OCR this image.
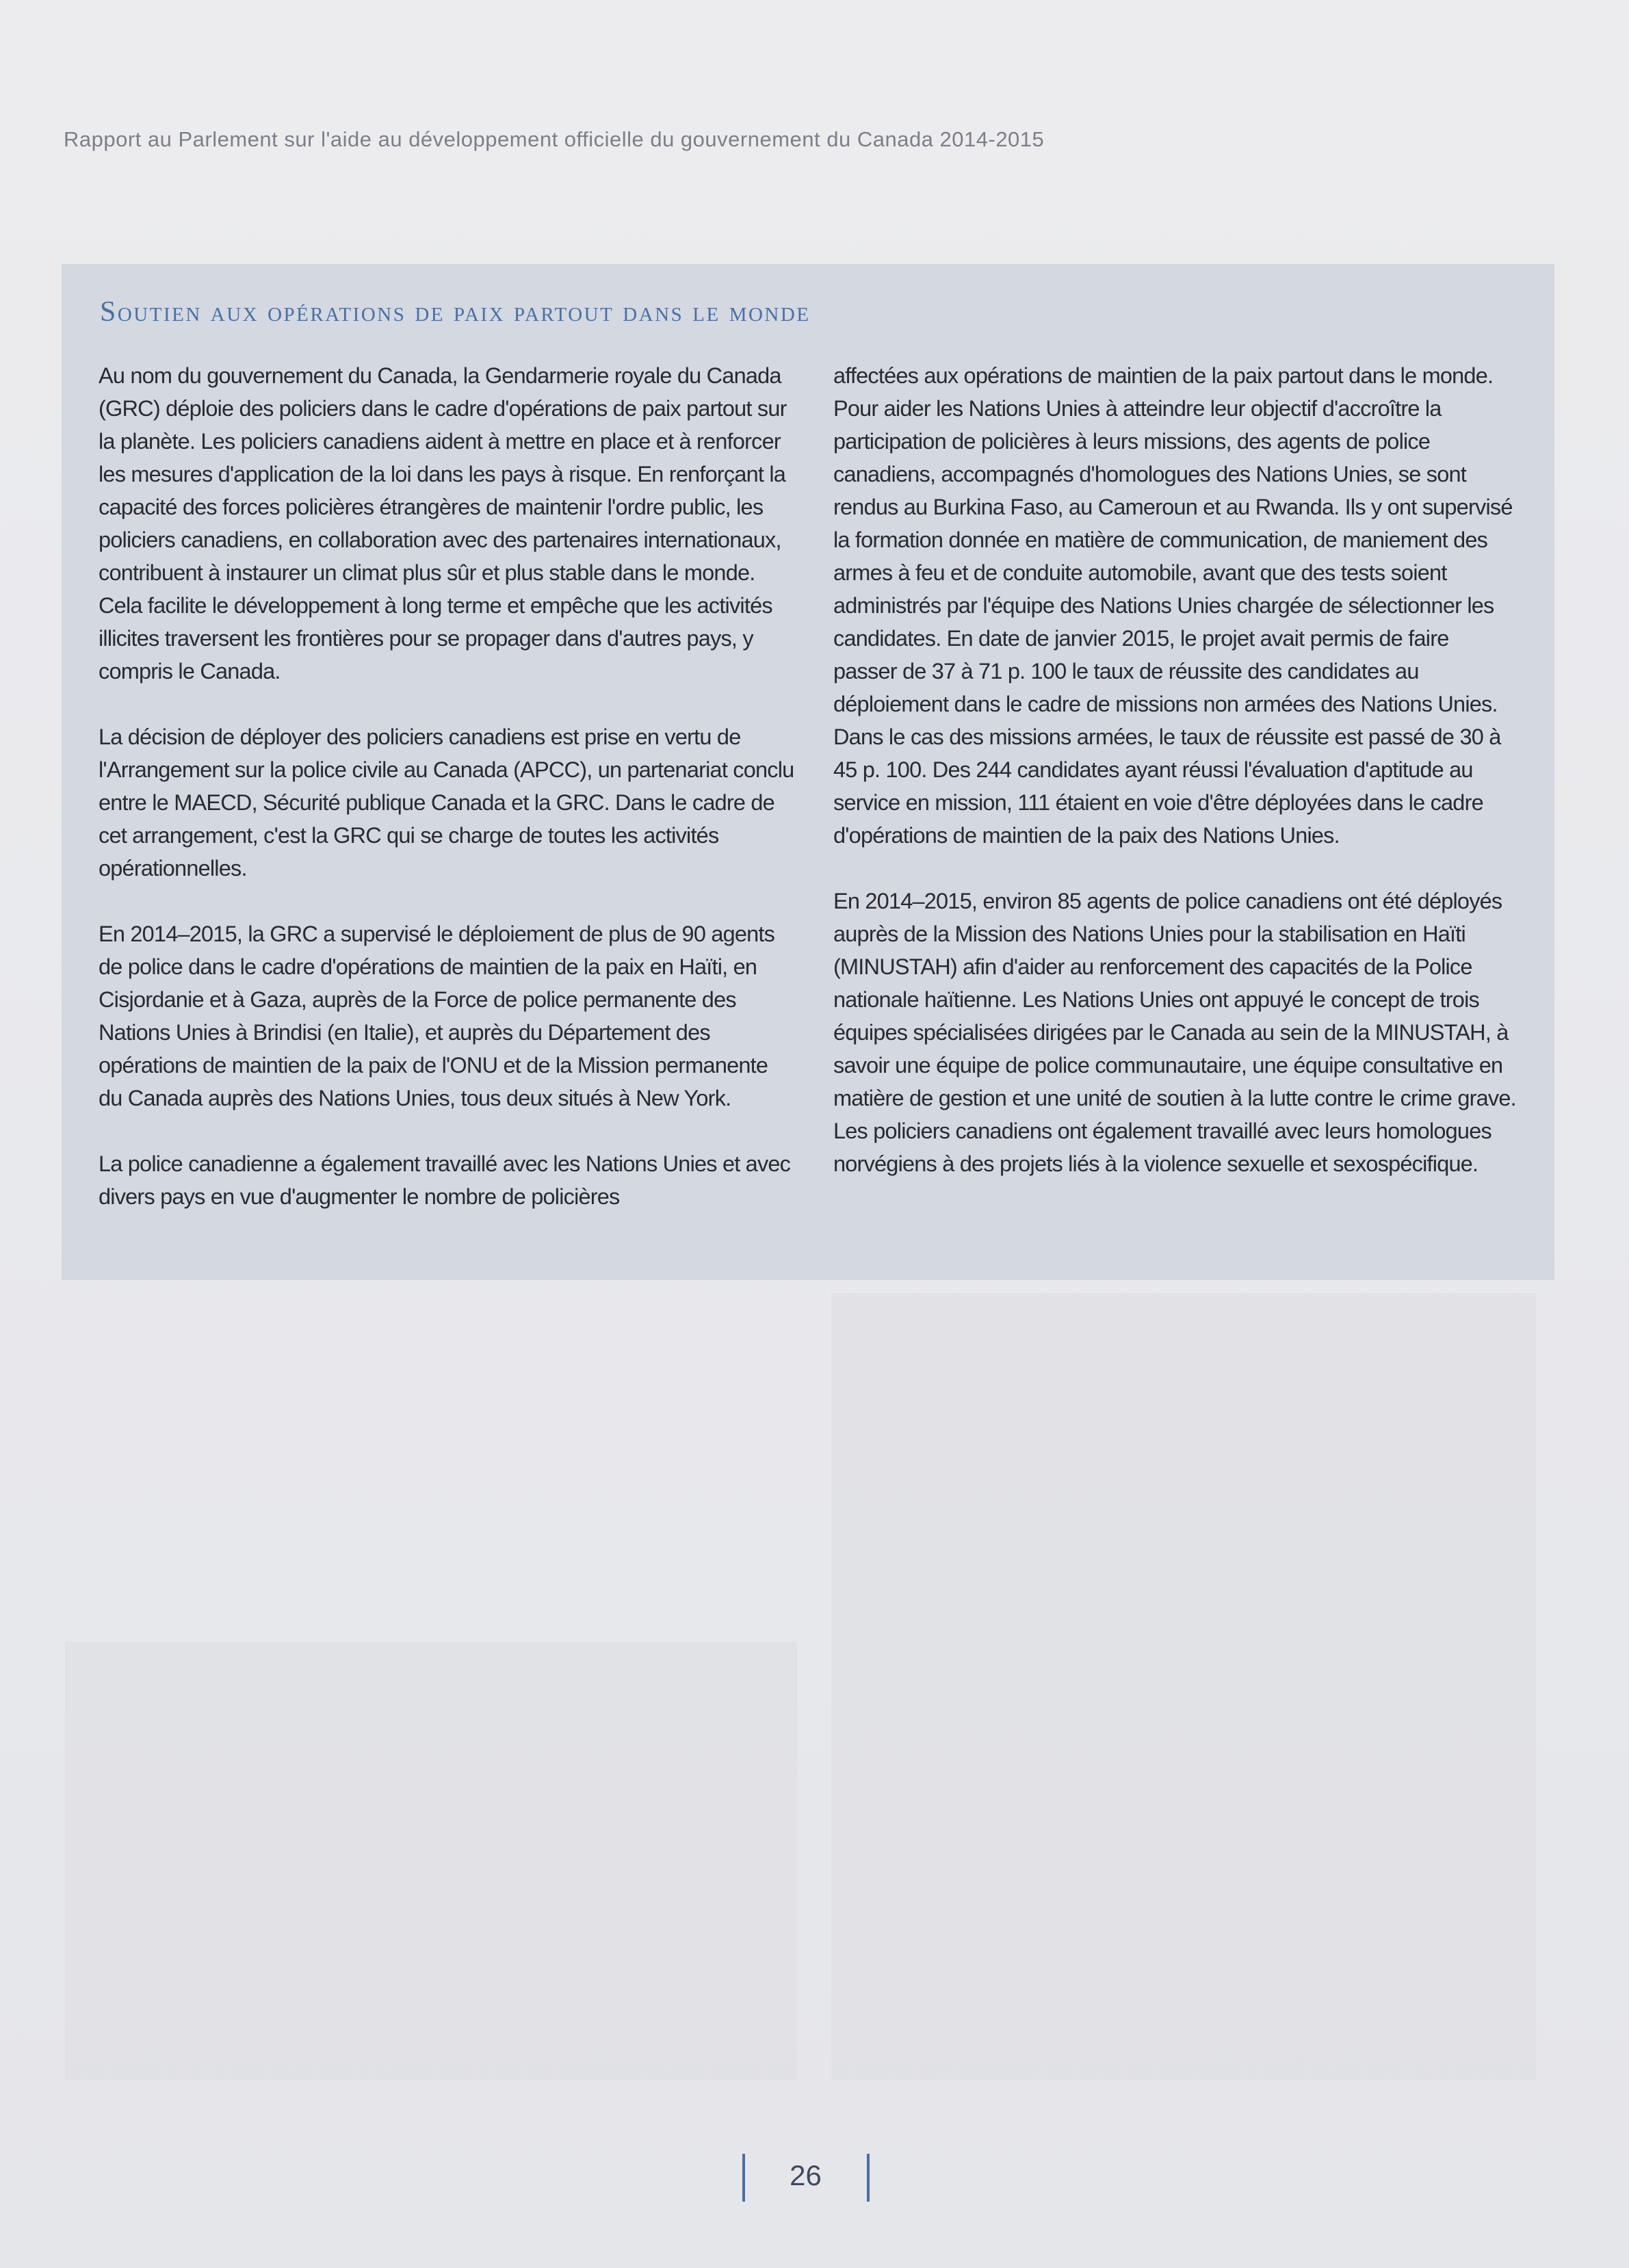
Rapport au Parlement sur l'aide au développement officielle du gouvernement du Canada 2014-2015
Soutien aux opérations de paix partout dans le monde

Au nom du gouvernement du Canada, la Gendarmerie royale du Canada (GRC) déploie des policiers dans le cadre d'opérations de paix partout sur la planète. Les policiers canadiens aident à mettre en place et à renforcer les mesures d'application de la loi dans les pays à risque. En renforçant la capacité des forces policières étrangères de maintenir l'ordre public, les policiers canadiens, en collaboration avec des partenaires internationaux, contribuent à instaurer un climat plus sûr et plus stable dans le monde. Cela facilite le développement à long terme et empêche que les activités illicites traversent les frontières pour se propager dans d'autres pays, y compris le Canada.

La décision de déployer des policiers canadiens est prise en vertu de l'Arrangement sur la police civile au Canada (APCC), un partenariat conclu entre le MAECD, Sécurité publique Canada et la GRC. Dans le cadre de cet arrangement, c'est la GRC qui se charge de toutes les activités opérationnelles.

En 2014–2015, la GRC a supervisé le déploiement de plus de 90 agents de police dans le cadre d'opérations de maintien de la paix en Haïti, en Cisjordanie et à Gaza, auprès de la Force de police permanente des Nations Unies à Brindisi (en Italie), et auprès du Département des opérations de maintien de la paix de l'ONU et de la Mission permanente du Canada auprès des Nations Unies, tous deux situés à New York.

La police canadienne a également travaillé avec les Nations Unies et avec divers pays en vue d'augmenter le nombre de policières

affectées aux opérations de maintien de la paix partout dans le monde. Pour aider les Nations Unies à atteindre leur objectif d'accroître la participation de policières à leurs missions, des agents de police canadiens, accompagnés d'homologues des Nations Unies, se sont rendus au Burkina Faso, au Cameroun et au Rwanda. Ils y ont supervisé la formation donnée en matière de communication, de maniement des armes à feu et de conduite automobile, avant que des tests soient administrés par l'équipe des Nations Unies chargée de sélectionner les candidates. En date de janvier 2015, le projet avait permis de faire passer de 37 à 71 p. 100 le taux de réussite des candidates au déploiement dans le cadre de missions non armées des Nations Unies. Dans le cas des missions armées, le taux de réussite est passé de 30 à 45 p. 100. Des 244 candidates ayant réussi l'évaluation d'aptitude au service en mission, 111 étaient en voie d'être déployées dans le cadre d'opérations de maintien de la paix des Nations Unies.

En 2014–2015, environ 85 agents de police canadiens ont été déployés auprès de la Mission des Nations Unies pour la stabilisation en Haïti (MINUSTAH) afin d'aider au renforcement des capacités de la Police nationale haïtienne. Les Nations Unies ont appuyé le concept de trois équipes spécialisées dirigées par le Canada au sein de la MINUSTAH, à savoir une équipe de police communautaire, une équipe consultative en matière de gestion et une unité de soutien à la lutte contre le crime grave. Les policiers canadiens ont également travaillé avec leurs homologues norvégiens à des projets liés à la violence sexuelle et sexospécifique.

26
